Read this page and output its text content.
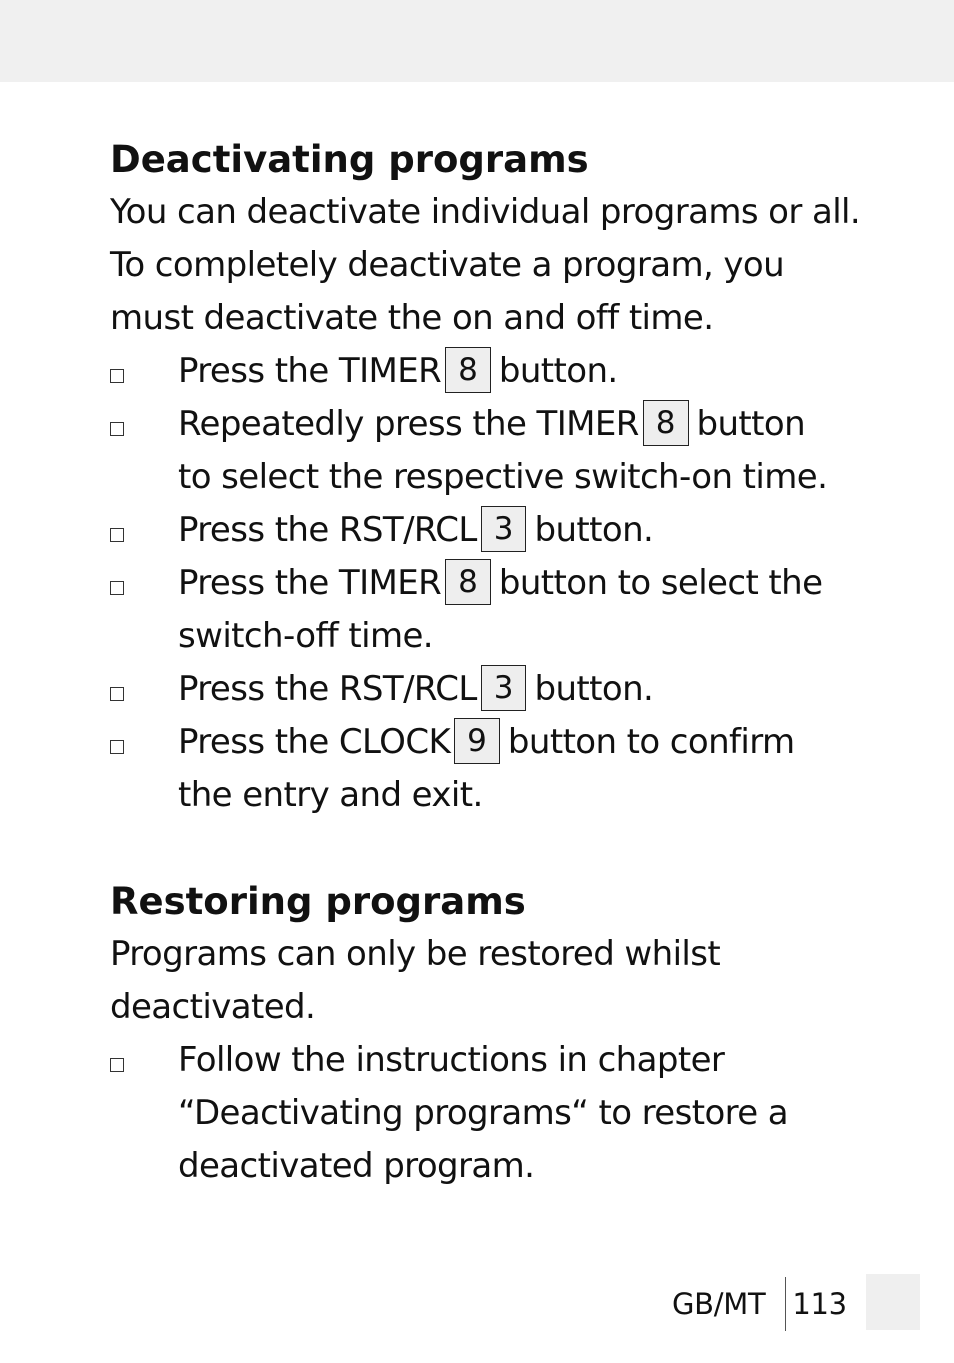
Deactivating programs

You can deactivate individual programs or all.
To completely deactivate a program, you
must deactivate the on and off time.

Press the TIMER 8 button.
Repeatedly press the TIMER 8 button
to select the respective switch-on time.
Press the RST/RCL 3 button.
Press the TIMER 8 button to select the
switch-off time.
Press the RST/RCL 3 button.
Press the CLOCK 9 button to confirm
the entry and exit.
Restoring programs

Programs can only be restored whilst
deactivated.

Follow the instructions in chapter
“Deactivating programs“ to restore a
deactivated program.
GB/MT 113
